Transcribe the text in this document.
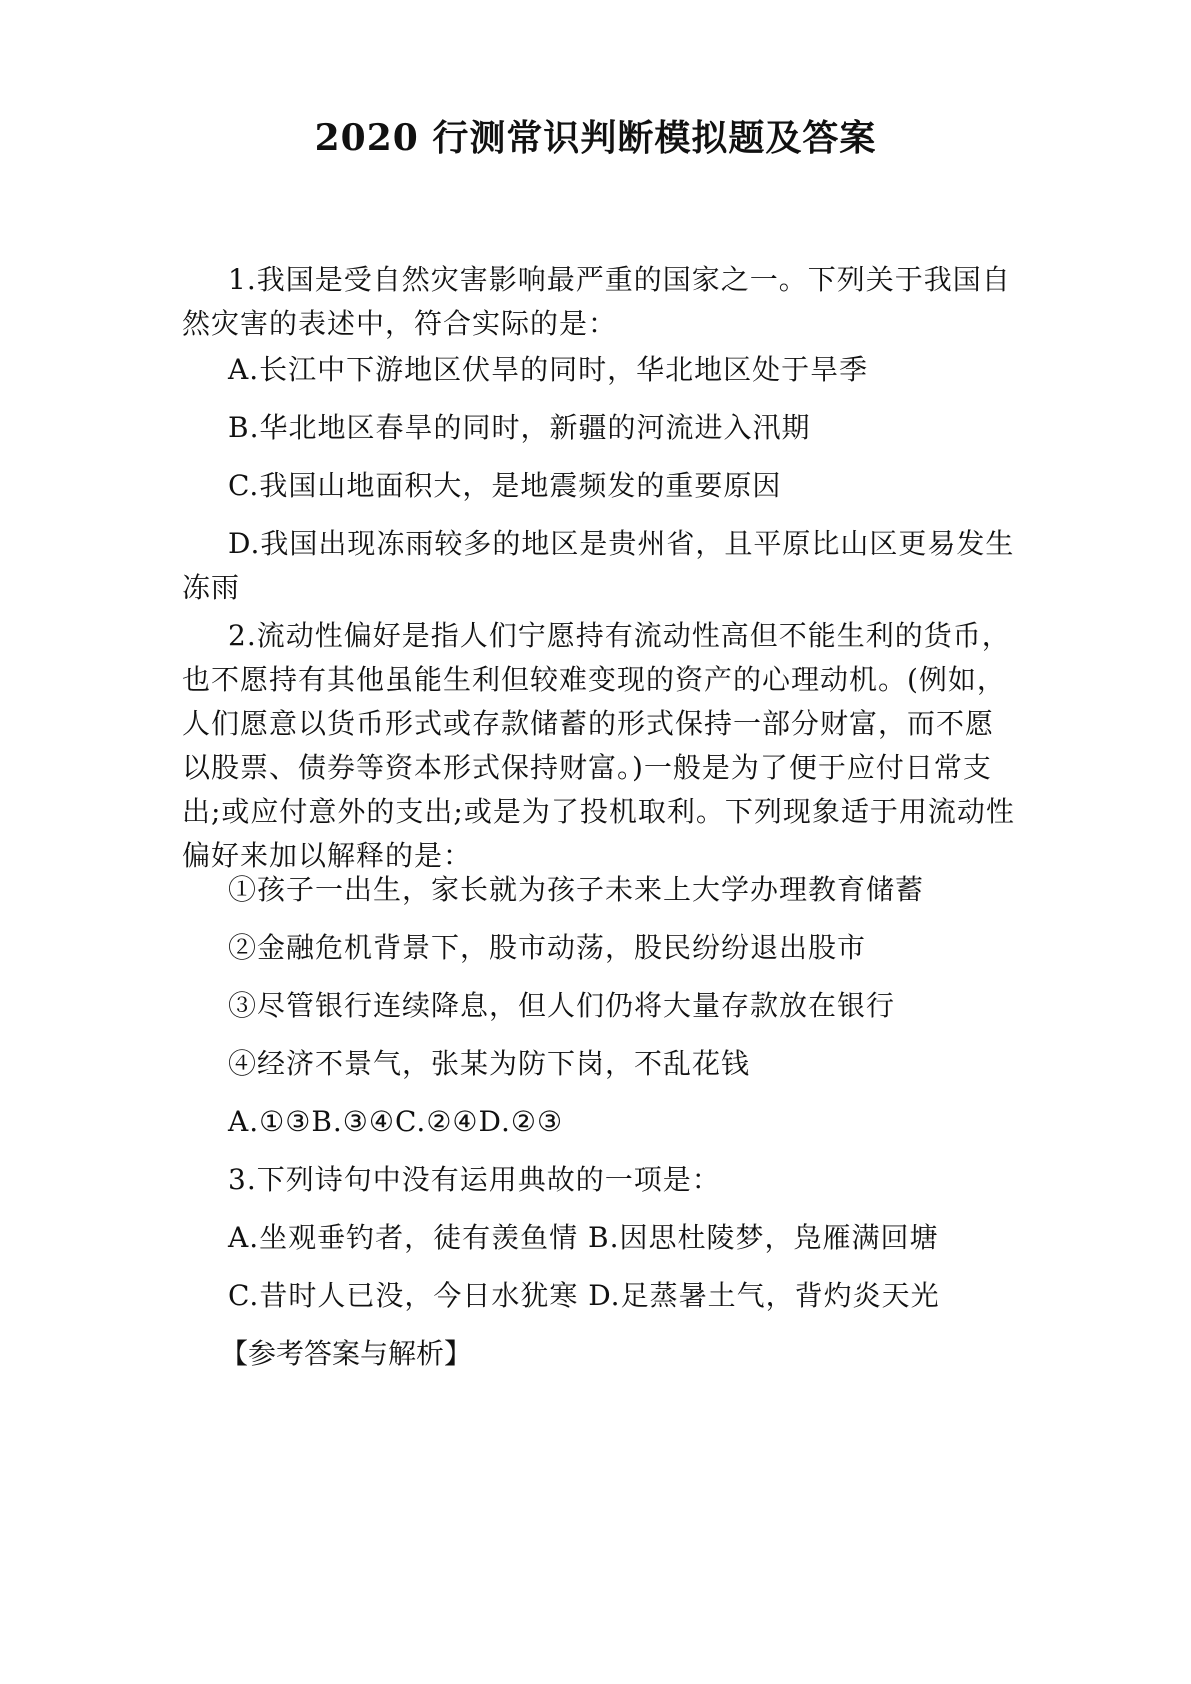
2020 行测常识判断模拟题及答案
1.我国是受自然灾害影响最严重的国家之一。下列关于我国自然灾害的表述中，符合实际的是：
A.长江中下游地区伏旱的同时，华北地区处于旱季
B.华北地区春旱的同时，新疆的河流进入汛期
C.我国山地面积大，是地震频发的重要原因
D.我国出现冻雨较多的地区是贵州省，且平原比山区更易发生冻雨
2.流动性偏好是指人们宁愿持有流动性高但不能生利的货币，也不愿持有其他虽能生利但较难变现的资产的心理动机。(例如，人们愿意以货币形式或存款储蓄的形式保持一部分财富，而不愿以股票、债券等资本形式保持财富。)一般是为了便于应付日常支出;或应付意外的支出;或是为了投机取利。下列现象适于用流动性偏好来加以解释的是：
①孩子一出生，家长就为孩子未来上大学办理教育储蓄
②金融危机背景下，股市动荡，股民纷纷退出股市
③尽管银行连续降息，但人们仍将大量存款放在银行
④经济不景气，张某为防下岗，不乱花钱
A.①③B.③④C.②④D.②③
3.下列诗句中没有运用典故的一项是：
A.坐观垂钓者，徒有羡鱼情 B.因思杜陵梦，凫雁满回塘
C.昔时人已没，今日水犹寒 D.足蒸暑土气，背灼炎天光
【参考答案与解析】
